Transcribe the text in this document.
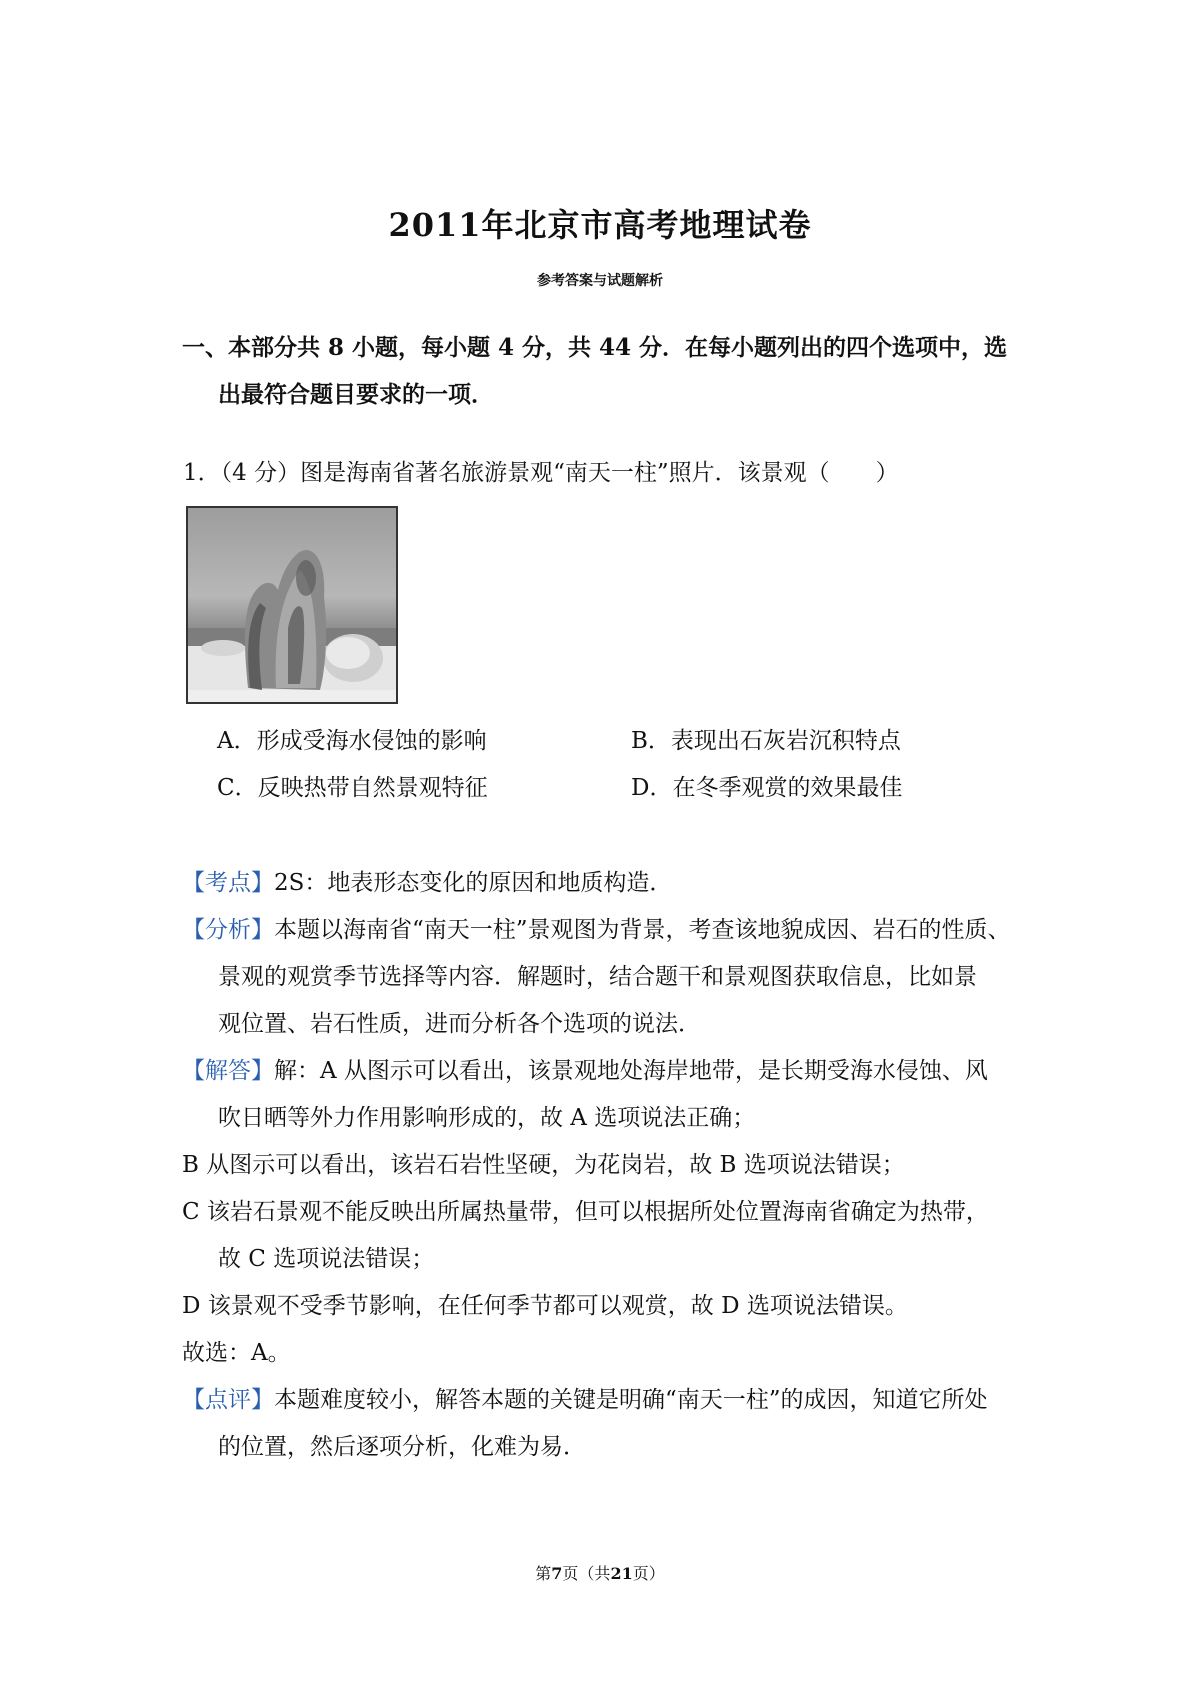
2011年北京市高考地理试卷
参考答案与试题解析
一、本部分共 8 小题，每小题 4 分，共 44 分．在每小题列出的四个选项中，选
出最符合题目要求的一项．
1．（4 分）图是海南省著名旅游景观“南天一柱”照片．该景观（　　）
A．形成受海水侵蚀的影响	B．表现出石灰岩沉积特点
C．反映热带自然景观特征	D．在冬季观赏的效果最佳
【考点】2S：地表形态变化的原因和地质构造．
【分析】本题以海南省“南天一柱”景观图为背景，考查该地貌成因、岩石的性质、
景观的观赏季节选择等内容．解题时，结合题干和景观图获取信息，比如景
观位置、岩石性质，进而分析各个选项的说法．
【解答】解：A 从图示可以看出，该景观地处海岸地带，是长期受海水侵蚀、风
吹日晒等外力作用影响形成的，故 A 选项说法正确；
B 从图示可以看出，该岩石岩性坚硬，为花岗岩，故 B 选项说法错误；
C 该岩石景观不能反映出所属热量带，但可以根据所处位置海南省确定为热带，
故 C 选项说法错误；
D 该景观不受季节影响，在任何季节都可以观赏，故 D 选项说法错误。
故选：A。
【点评】本题难度较小，解答本题的关键是明确“南天一柱”的成因，知道它所处
的位置，然后逐项分析，化难为易．
第7页（共21页）
